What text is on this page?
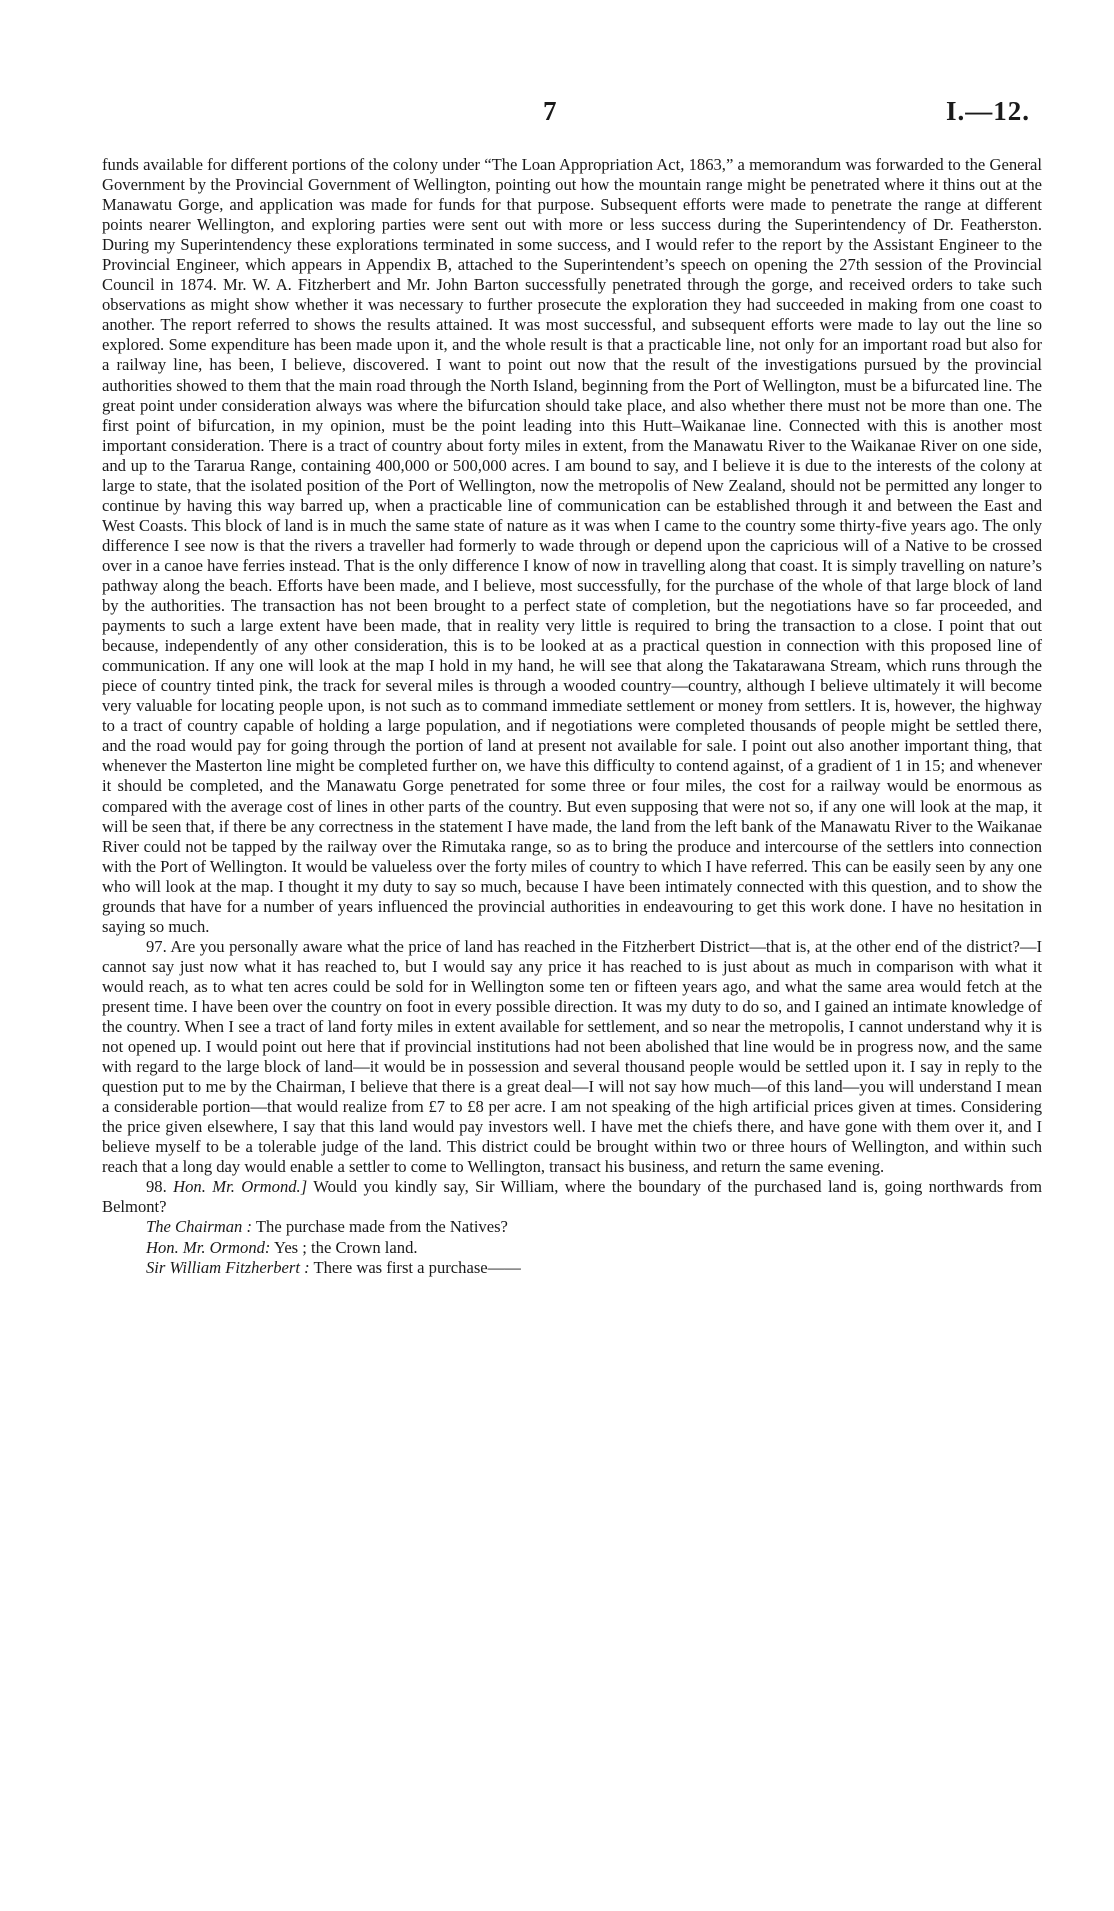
7	I.—12.

funds available for different portions of the colony under “The Loan Appropriation Act, 1863,” a memorandum was forwarded to the General Government by the Provincial Government of Wellington, pointing out how the mountain range might be penetrated where it thins out at the Manawatu Gorge, and application was made for funds for that purpose. Subsequent efforts were made to penetrate the range at different points nearer Wellington, and exploring parties were sent out with more or less success during the Superintendency of Dr. Featherston. During my Superintendency these explorations terminated in some success, and I would refer to the report by the Assistant Engineer to the Provincial Engineer, which appears in Appendix B, attached to the Superintendent’s speech on opening the 27th session of the Provincial Council in 1874. Mr. W. A. Fitzherbert and Mr. John Barton successfully penetrated through the gorge, and received orders to take such observations as might show whether it was necessary to further prosecute the exploration they had succeeded in making from one coast to another. The report referred to shows the results attained. It was most successful, and subsequent efforts were made to lay out the line so explored. Some expenditure has been made upon it, and the whole result is that a practicable line, not only for an important road but also for a railway line, has been, I believe, discovered. I want to point out now that the result of the investigations pursued by the provincial authorities showed to them that the main road through the North Island, beginning from the Port of Wellington, must be a bifurcated line. The great point under consideration always was where the bifurcation should take place, and also whether there must not be more than one. The first point of bifurcation, in my opinion, must be the point leading into this Hutt–Waikanae line. Connected with this is another most important consideration. There is a tract of country about forty miles in extent, from the Manawatu River to the Waikanae River on one side, and up to the Tararua Range, containing 400,000 or 500,000 acres. I am bound to say, and I believe it is due to the interests of the colony at large to state, that the isolated position of the Port of Wellington, now the metropolis of New Zealand, should not be permitted any longer to continue by having this way barred up, when a practicable line of communication can be established through it and between the East and West Coasts. This block of land is in much the same state of nature as it was when I came to the country some thirty-five years ago. The only difference I see now is that the rivers a traveller had formerly to wade through or depend upon the capricious will of a Native to be crossed over in a canoe have ferries instead. That is the only difference I know of now in travelling along that coast. It is simply travelling on nature’s pathway along the beach. Efforts have been made, and I believe, most successfully, for the purchase of the whole of that large block of land by the authorities. The transaction has not been brought to a perfect state of completion, but the negotiations have so far proceeded, and payments to such a large extent have been made, that in reality very little is required to bring the transaction to a close. I point that out because, independently of any other consideration, this is to be looked at as a practical question in connection with this proposed line of communication. If any one will look at the map I hold in my hand, he will see that along the Takatarawana Stream, which runs through the piece of country tinted pink, the track for several miles is through a wooded country—country, although I believe ultimately it will become very valuable for locating people upon, is not such as to command immediate settlement or money from settlers. It is, however, the highway to a tract of country capable of holding a large population, and if negotiations were completed thousands of people might be settled there, and the road would pay for going through the portion of land at present not available for sale. I point out also another important thing, that whenever the Masterton line might be completed further on, we have this difficulty to contend against, of a gradient of 1 in 15; and whenever it should be completed, and the Manawatu Gorge penetrated for some three or four miles, the cost for a railway would be enormous as compared with the average cost of lines in other parts of the country. But even supposing that were not so, if any one will look at the map, it will be seen that, if there be any correctness in the statement I have made, the land from the left bank of the Manawatu River to the Waikanae River could not be tapped by the railway over the Rimutaka range, so as to bring the produce and intercourse of the settlers into connection with the Port of Wellington. It would be valueless over the forty miles of country to which I have referred. This can be easily seen by any one who will look at the map. I thought it my duty to say so much, because I have been intimately connected with this question, and to show the grounds that have for a number of years influenced the provincial authorities in endeavouring to get this work done. I have no hesitation in saying so much.

97. Are you personally aware what the price of land has reached in the Fitzherbert District—that is, at the other end of the district?—I cannot say just now what it has reached to, but I would say any price it has reached to is just about as much in comparison with what it would reach, as to what ten acres could be sold for in Wellington some ten or fifteen years ago, and what the same area would fetch at the present time. I have been over the country on foot in every possible direction. It was my duty to do so, and I gained an intimate knowledge of the country. When I see a tract of land forty miles in extent available for settlement, and so near the metropolis, I cannot understand why it is not opened up. I would point out here that if provincial institutions had not been abolished that line would be in progress now, and the same with regard to the large block of land—it would be in possession and several thousand people would be settled upon it. I say in reply to the question put to me by the Chairman, I believe that there is a great deal—I will not say how much—of this land—you will understand I mean a considerable portion—that would realize from £7 to £8 per acre. I am not speaking of the high artificial prices given at times. Considering the price given elsewhere, I say that this land would pay investors well. I have met the chiefs there, and have gone with them over it, and I believe myself to be a tolerable judge of the land. This district could be brought within two or three hours of Wellington, and within such reach that a long day would enable a settler to come to Wellington, transact his business, and return the same evening.

98. Hon. Mr. Ormond.] Would you kindly say, Sir William, where the boundary of the purchased land is, going northwards from Belmont?

The Chairman : The purchase made from the Natives?

Hon. Mr. Ormond: Yes ; the Crown land.

Sir William Fitzherbert : There was first a purchase——
